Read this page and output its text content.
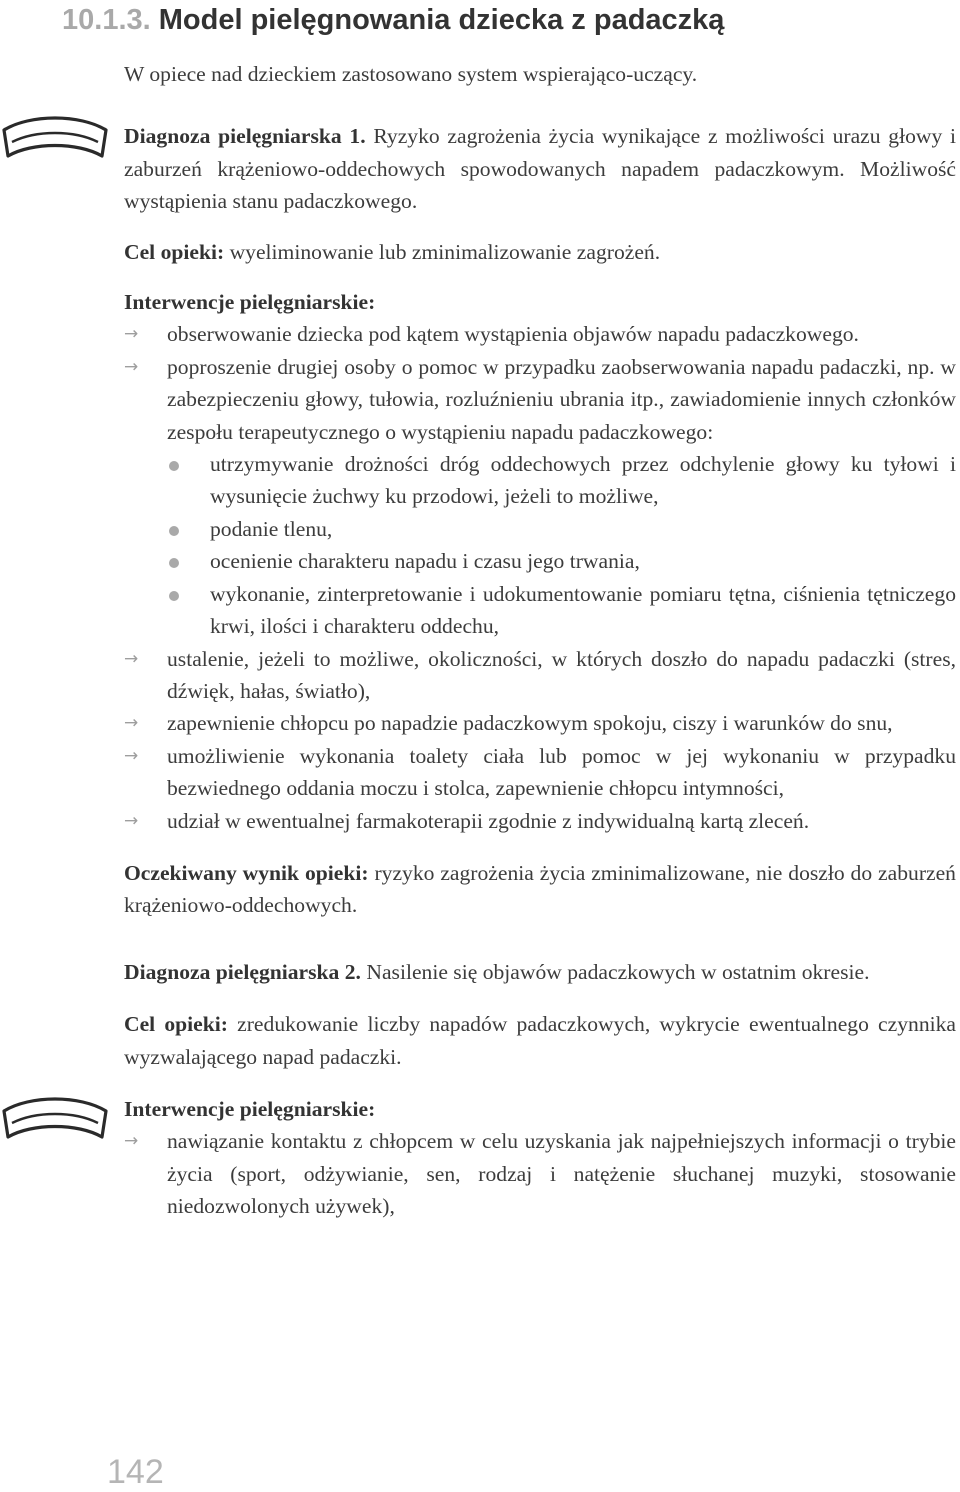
10.1.3. Model pielęgnowania dziecka z padaczką

W opiece nad dzieckiem zastosowano system wspierająco-uczący.

Diagnoza pielęgniarska 1. Ryzyko zagrożenia życia wynikające z możliwości urazu głowy i zaburzeń krążeniowo-oddechowych spowodowanych napadem padaczkowym. Możliwość wystąpienia stanu padaczkowego.

Cel opieki: wyeliminowanie lub zminimalizowanie zagrożeń.

Interwencje pielęgniarskie:

→ obserwowanie dziecka pod kątem wystąpienia objawów napadu padaczkowego.
→ poproszenie drugiej osoby o pomoc w przypadku zaobserwowania napadu padaczki, np. w zabezpieczeniu głowy, tułowia, rozluźnieniu ubrania itp., zawiadomienie innych członków zespołu terapeutycznego o wystąpieniu napadu padaczkowego:
utrzymywanie drożności dróg oddechowych przez odchylenie głowy ku tyłowi i wysunięcie żuchwy ku przodowi, jeżeli to możliwe,
podanie tlenu,
ocenienie charakteru napadu i czasu jego trwania,
wykonanie, zinterpretowanie i udokumentowanie pomiaru tętna, ciśnienia tętniczego krwi, ilości i charakteru oddechu,
→ ustalenie, jeżeli to możliwe, okoliczności, w których doszło do napadu padaczki (stres, dźwięk, hałas, światło),
→ zapewnienie chłopcu po napadzie padaczkowym spokoju, ciszy i warunków do snu,
→ umożliwienie wykonania toalety ciała lub pomoc w jej wykonaniu w przypadku bezwiednego oddania moczu i stolca, zapewnienie chłopcu intymności,
→ udział w ewentualnej farmakoterapii zgodnie z indywidualną kartą zleceń.

Oczekiwany wynik opieki: ryzyko zagrożenia życia zminimalizowane, nie doszło do zaburzeń krążeniowo-oddechowych.

Diagnoza pielęgniarska 2. Nasilenie się objawów padaczkowych w ostatnim okresie.

Cel opieki: zredukowanie liczby napadów padaczkowych, wykrycie ewentualnego czynnika wyzwalającego napad padaczki.

Interwencje pielęgniarskie:

→ nawiązanie kontaktu z chłopcem w celu uzyskania jak najpełniejszych informacji o trybie życia (sport, odżywianie, sen, rodzaj i natężenie słuchanej muzyki, stosowanie niedozwolonych używek),
142
